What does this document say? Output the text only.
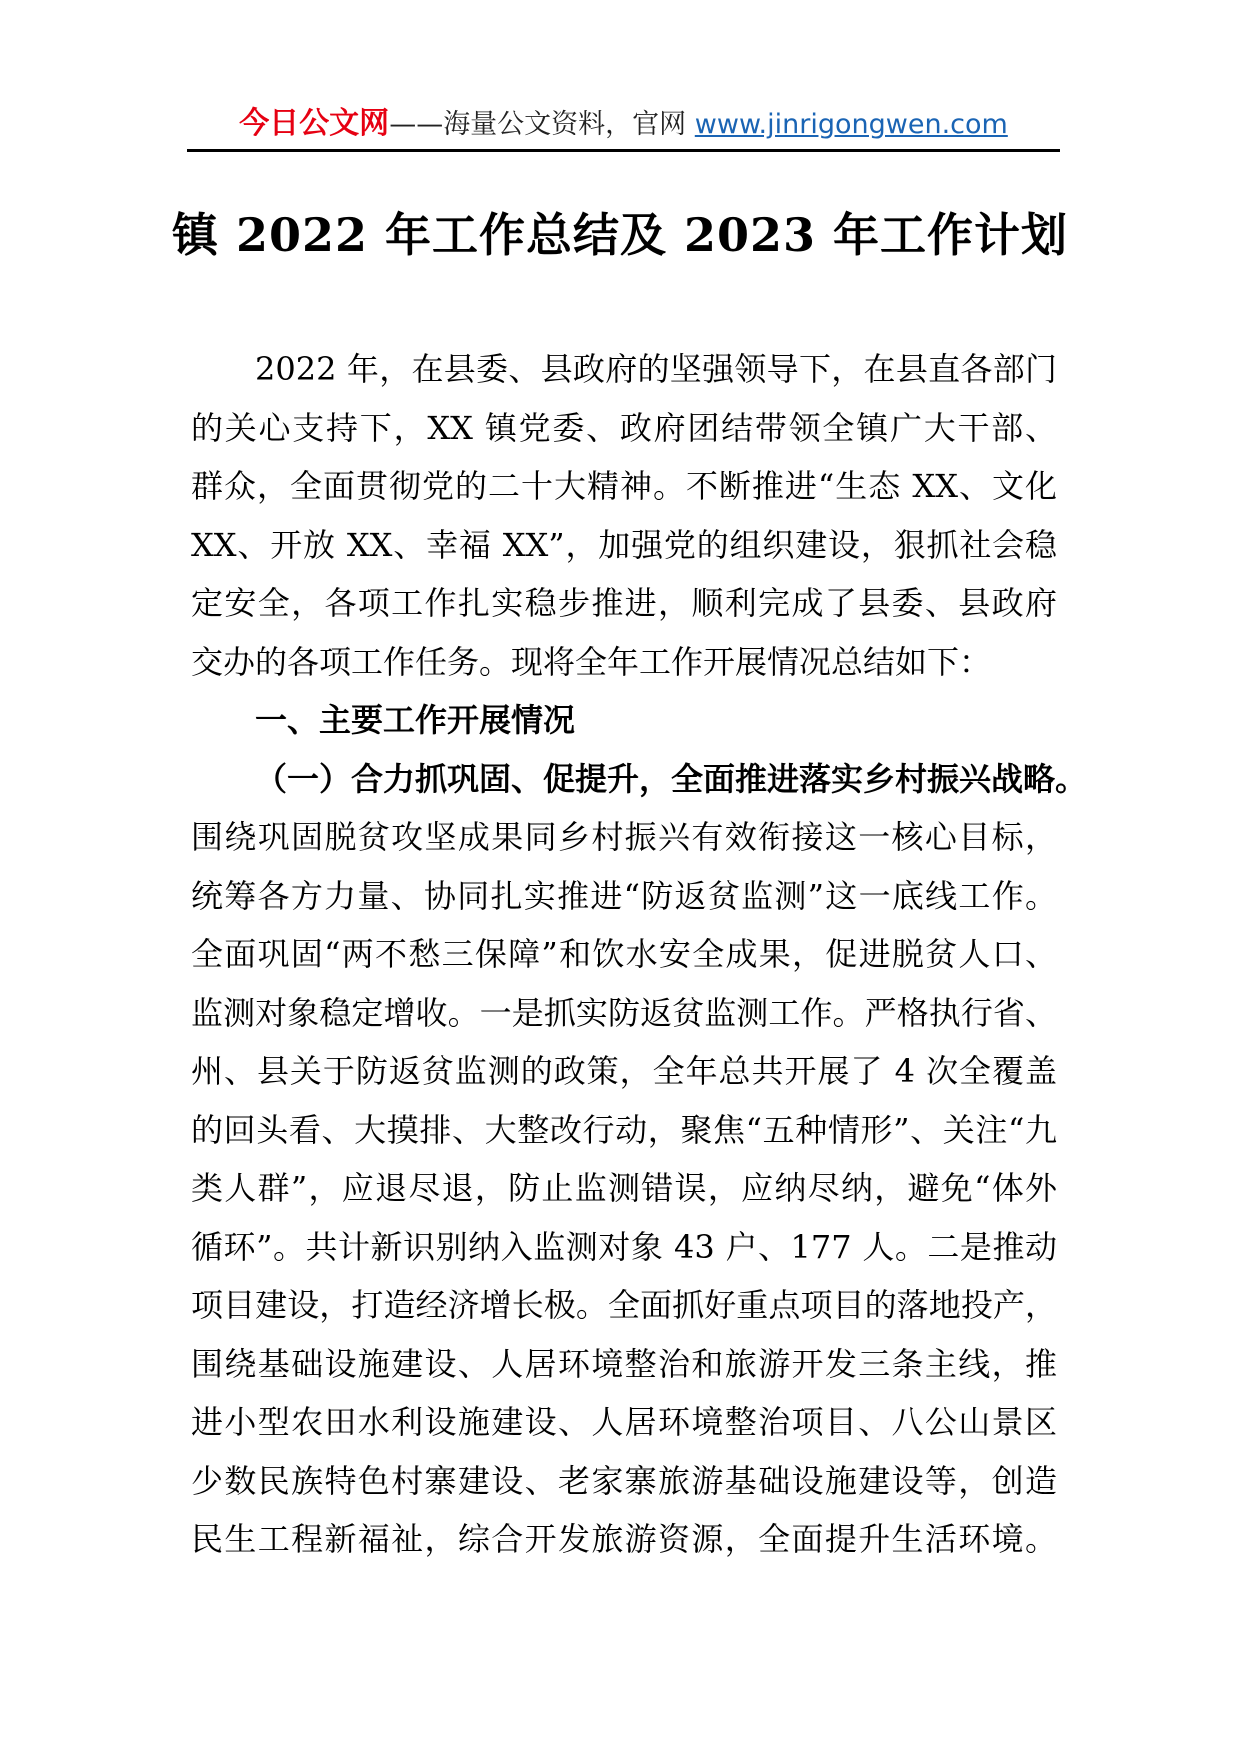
今日公文网——海量公文资料，官网 www.jinrigongwen.com
镇 2022 年工作总结及 2023 年工作计划
2022 年，在县委、县政府的坚强领导下，在县直各部门
的关心支持下，XX 镇党委、政府团结带领全镇广大干部、
群众，全面贯彻党的二十大精神。不断推进“生态 XX、文化
XX、开放 XX、幸福 XX”，加强党的组织建设，狠抓社会稳
定安全，各项工作扎实稳步推进，顺利完成了县委、县政府
交办的各项工作任务。现将全年工作开展情况总结如下：
一、主要工作开展情况
（一）合力抓巩固、促提升，全面推进落实乡村振兴战略。
围绕巩固脱贫攻坚成果同乡村振兴有效衔接这一核心目标，
统筹各方力量、协同扎实推进“防返贫监测”这一底线工作。
全面巩固“两不愁三保障”和饮水安全成果，促进脱贫人口、
监测对象稳定增收。一是抓实防返贫监测工作。严格执行省、
州、县关于防返贫监测的政策，全年总共开展了 4 次全覆盖
的回头看、大摸排、大整改行动，聚焦“五种情形”、关注“九
类人群”，应退尽退，防止监测错误，应纳尽纳，避免“体外
循环”。共计新识别纳入监测对象 43 户、177 人。二是推动
项目建设，打造经济增长极。全面抓好重点项目的落地投产，
围绕基础设施建设、人居环境整治和旅游开发三条主线，推
进小型农田水利设施建设、人居环境整治项目、八公山景区
少数民族特色村寨建设、老家寨旅游基础设施建设等，创造
民生工程新福祉，综合开发旅游资源，全面提升生活环境。
